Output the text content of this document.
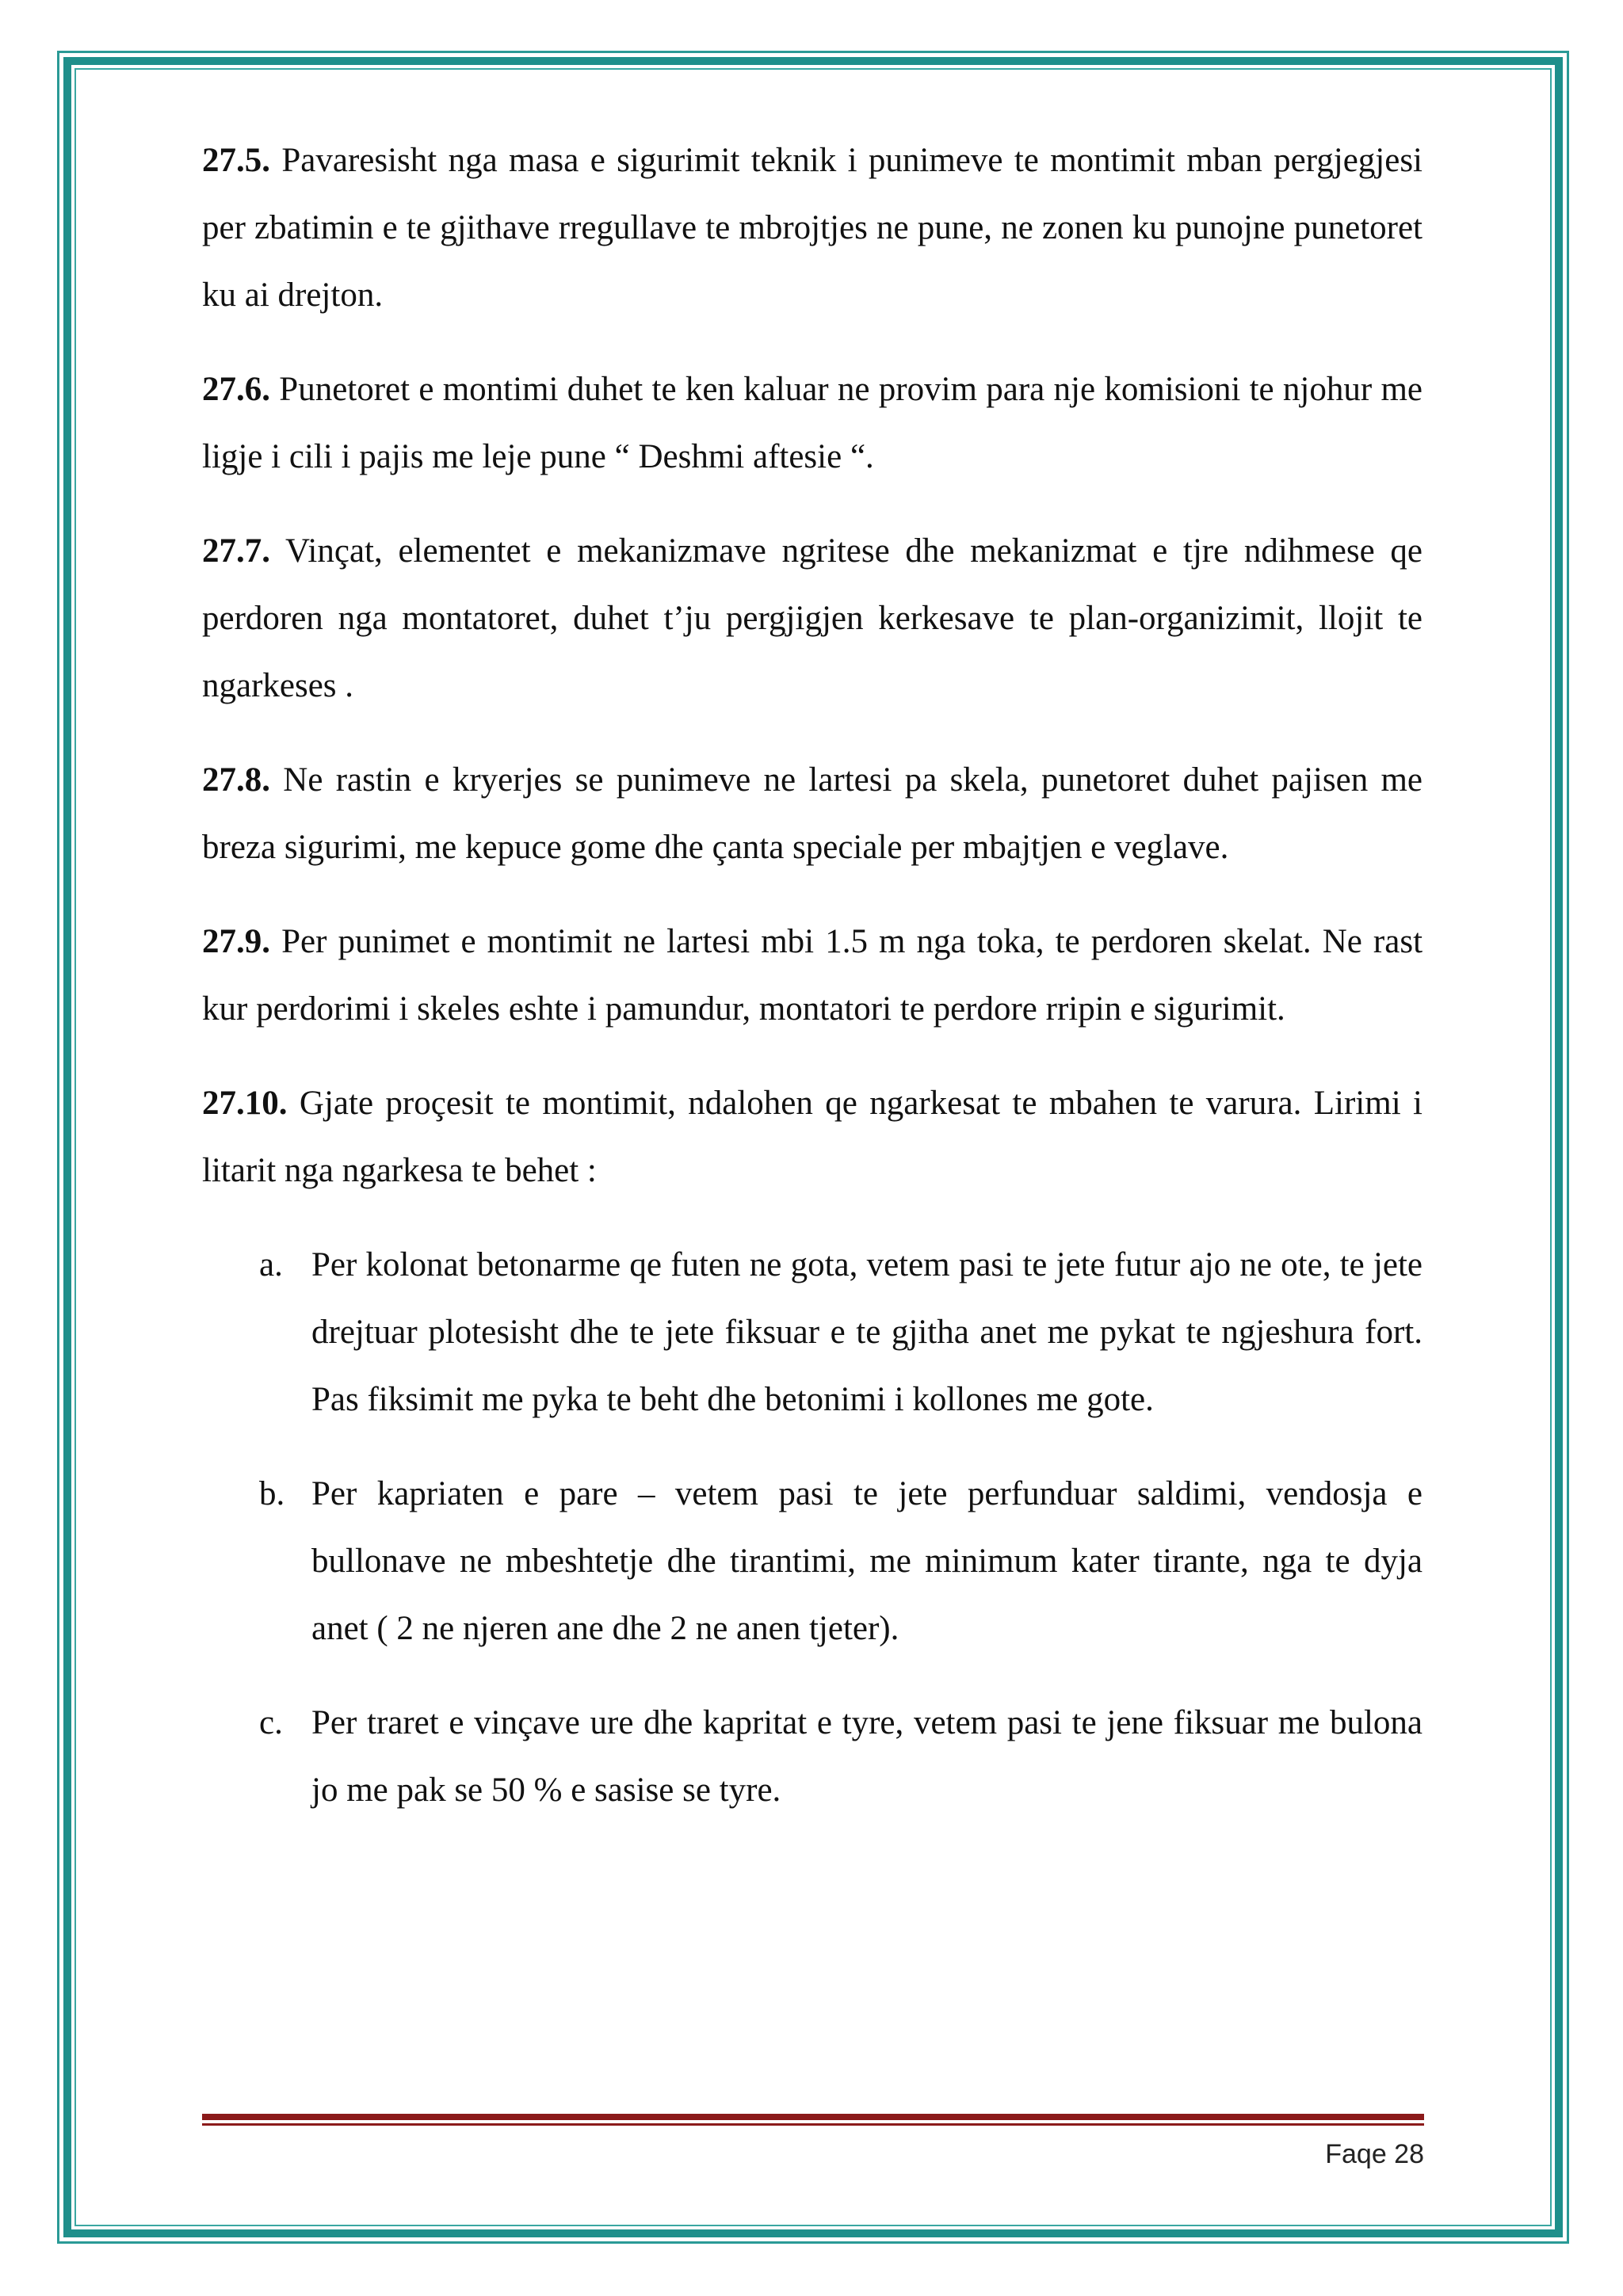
27.5. Pavaresisht nga masa e sigurimit teknik i punimeve te montimit mban pergjegjesi per zbatimin e te gjithave rregullave te mbrojtjes ne pune, ne zonen ku punojne punetoret ku ai drejton.

27.6. Punetoret e montimi duhet te ken kaluar ne provim para nje komisioni te njohur me ligje i cili i pajis me leje pune “ Deshmi aftesie “.

27.7. Vinçat, elementet e mekanizmave ngritese dhe mekanizmat e tjre ndihmese qe perdoren nga montatoret, duhet t’ju pergjigjen kerkesave te plan-organizimit, llojit te ngarkeses .

27.8. Ne rastin e kryerjes se punimeve ne lartesi pa skela, punetoret duhet pajisen me breza sigurimi, me kepuce gome dhe çanta speciale per mbajtjen e veglave.

27.9. Per punimet e montimit ne lartesi mbi 1.5 m nga toka, te perdoren skelat. Ne rast kur perdorimi i skeles eshte i pamundur, montatori te perdore rripin e sigurimit.

27.10. Gjate proçesit te montimit, ndalohen qe ngarkesat te mbahen te varura. Lirimi i litarit nga ngarkesa te behet :

a. Per kolonat betonarme qe futen ne gota, vetem pasi te jete futur ajo ne ote, te jete drejtuar plotesisht dhe te jete fiksuar e te gjitha anet me pykat te ngjeshura fort. Pas fiksimit me pyka te beht dhe betonimi i kollones me gote.
b. Per kapriaten e pare – vetem pasi te jete perfunduar saldimi, vendosja e bullonave ne mbeshtetje dhe tirantimi, me minimum kater tirante, nga te dyja anet ( 2 ne njeren ane dhe 2 ne anen tjeter).
c. Per traret e vinçave ure dhe kapritat e tyre, vetem pasi te jene fiksuar me bulona jo me pak se 50 % e sasise se tyre.
Faqe 28
